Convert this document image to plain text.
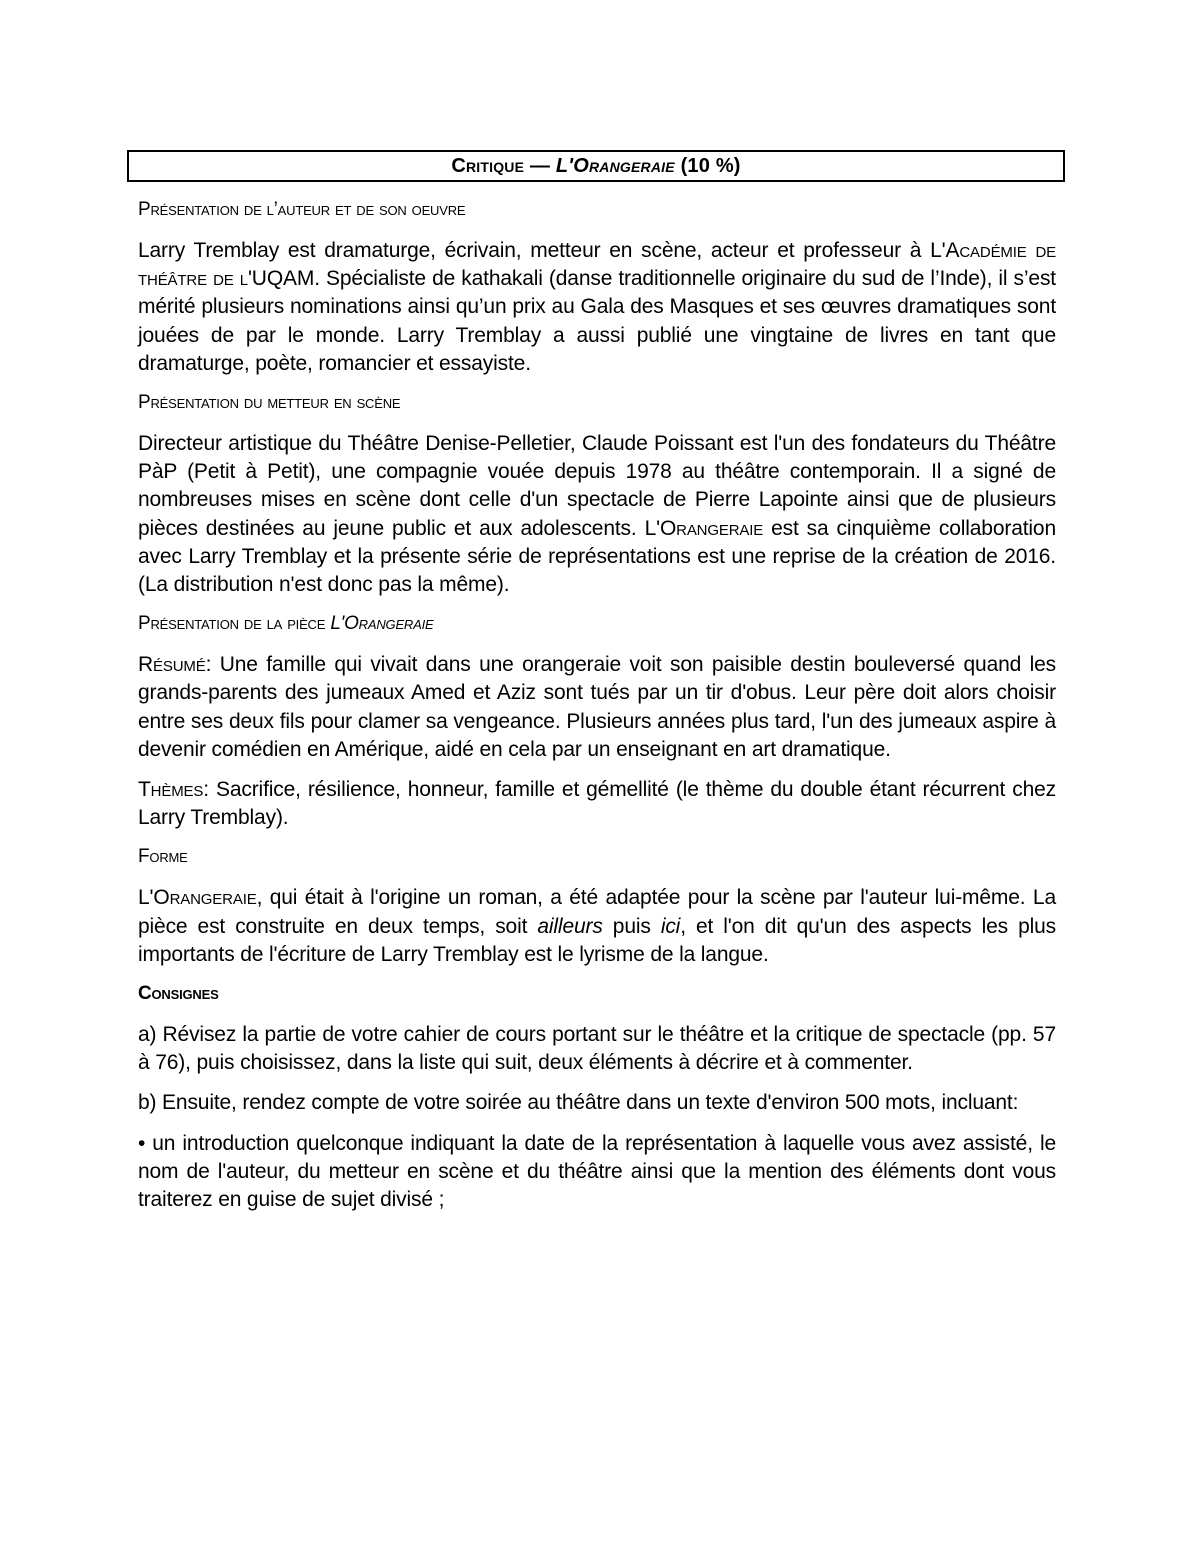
Critique —
L'Orangeraie
(10 %)
Présentation de l’auteur et de son oeuvre
Larry Tremblay est dramaturge, écrivain, metteur en scène, acteur et professeur à L'Académie de théâtre de l'UQAM. Spécialiste de kathakali (danse traditionnelle originaire du sud de l’Inde), il s’est mérité plusieurs nominations ainsi qu’un prix au Gala des Masques et ses œuvres dramatiques sont jouées de par le monde. Larry Tremblay a aussi publié une vingtaine de livres en tant que dramaturge, poète, romancier et essayiste.
Présentation du metteur en scène
Directeur artistique du Théâtre Denise-Pelletier, Claude Poissant est l'un des fondateurs du Théâtre PàP (Petit à Petit), une compagnie vouée depuis 1978 au théâtre contemporain. Il a signé de nombreuses mises en scène dont celle d'un spectacle de Pierre Lapointe ainsi que de plusieurs pièces destinées au jeune public et aux adolescents. L'Orangeraie est sa cinquième collaboration avec Larry Tremblay et la présente série de représentations est une reprise de la création de 2016. (La distribution n'est donc pas la même).
Présentation de la pièce L'Orangeraie
Résumé: Une famille qui vivait dans une orangeraie voit son paisible destin bouleversé quand les grands-parents des jumeaux Amed et Aziz sont tués par un tir d'obus. Leur père doit alors choisir entre ses deux fils pour clamer sa vengeance. Plusieurs années plus tard, l'un des jumeaux aspire à devenir comédien en Amérique, aidé en cela par un enseignant en art dramatique.
Thèmes: Sacrifice, résilience, honneur, famille et gémellité (le thème du double étant récurrent chez Larry Tremblay).
Forme
L'Orangeraie, qui était à l'origine un roman, a été adaptée pour la scène par l'auteur lui-même. La pièce est construite en deux temps, soit ailleurs puis ici, et l'on dit qu'un des aspects les plus importants de l'écriture de Larry Tremblay est le lyrisme de la langue.
Consignes
a) Révisez la partie de votre cahier de cours portant sur le théâtre et la critique de spectacle (pp. 57 à 76), puis choisissez, dans la liste qui suit, deux éléments à décrire et à commenter.
b) Ensuite, rendez compte de votre soirée au théâtre dans un texte d'environ 500 mots, incluant:
• un introduction quelconque indiquant la date de la représentation à laquelle vous avez assisté, le nom de l'auteur, du metteur en scène et du théâtre ainsi que la mention des éléments dont vous traiterez en guise de sujet divisé ;
